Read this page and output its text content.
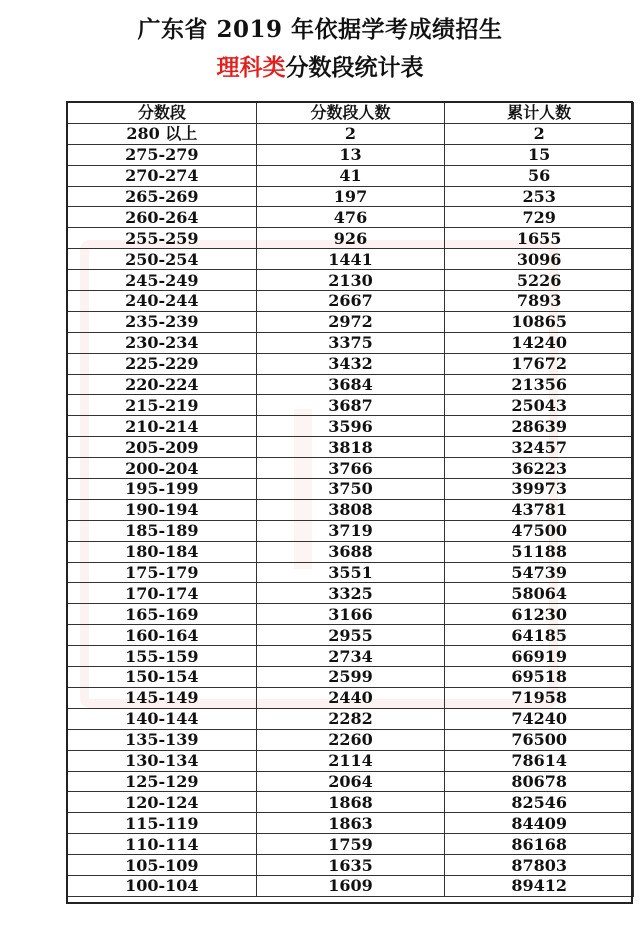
广东省 2019 年依据学考成绩招生
理科类分数段统计表
分数段	分数段人数	累计人数
280 以上	2	2
275-279	13	15
270-274	41	56
265-269	197	253
260-264	476	729
255-259	926	1655
250-254	1441	3096
245-249	2130	5226
240-244	2667	7893
235-239	2972	10865
230-234	3375	14240
225-229	3432	17672
220-224	3684	21356
215-219	3687	25043
210-214	3596	28639
205-209	3818	32457
200-204	3766	36223
195-199	3750	39973
190-194	3808	43781
185-189	3719	47500
180-184	3688	51188
175-179	3551	54739
170-174	3325	58064
165-169	3166	61230
160-164	2955	64185
155-159	2734	66919
150-154	2599	69518
145-149	2440	71958
140-144	2282	74240
135-139	2260	76500
130-134	2114	78614
125-129	2064	80678
120-124	1868	82546
115-119	1863	84409
110-114	1759	86168
105-109	1635	87803
100-104	1609	89412
